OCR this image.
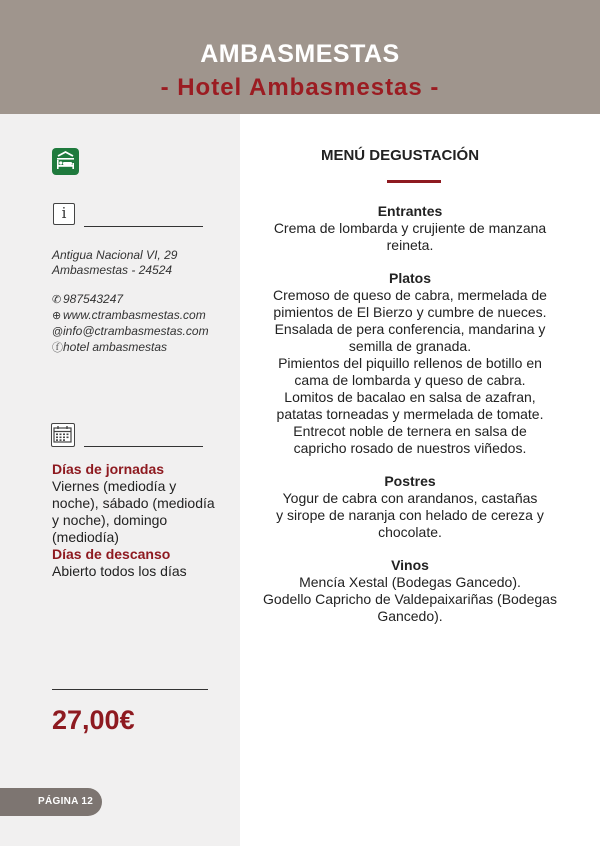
AMBASMESTAS
- Hotel Ambasmestas -
i
Antigua Nacional VI, 29
Ambasmestas - 24524
✆ 987543247
⊕ www.ctrambasmestas.com
@info@ctrambasmestas.com
ⓕhotel ambasmestas
Días de jornadas
Viernes (mediodía y
noche), sábado (mediodía
y noche), domingo
(mediodía)
Días de descanso
Abierto todos los días
27,00€
PÁGINA 12
MENÚ DEGUSTACIÓN
Entrantes

Crema de lombarda y crujiente de manzana

reineta.

Platos

Cremoso de queso de cabra, mermelada de

pimientos de El Bierzo y cumbre de nueces.

Ensalada de pera conferencia, mandarina y

semilla de granada.

Pimientos del piquillo rellenos de botillo en

cama de lombarda y queso de cabra.

Lomitos de bacalao en salsa de azafran,

patatas torneadas y mermelada de tomate.

Entrecot noble de ternera en salsa de

capricho rosado de nuestros viñedos.

Postres

Yogur de cabra con arandanos, castañas

y sirope de naranja con helado de cereza y

chocolate.

Vinos

Mencía Xestal (Bodegas Gancedo).

Godello Capricho de Valdepaixariñas (Bodegas

Gancedo).
